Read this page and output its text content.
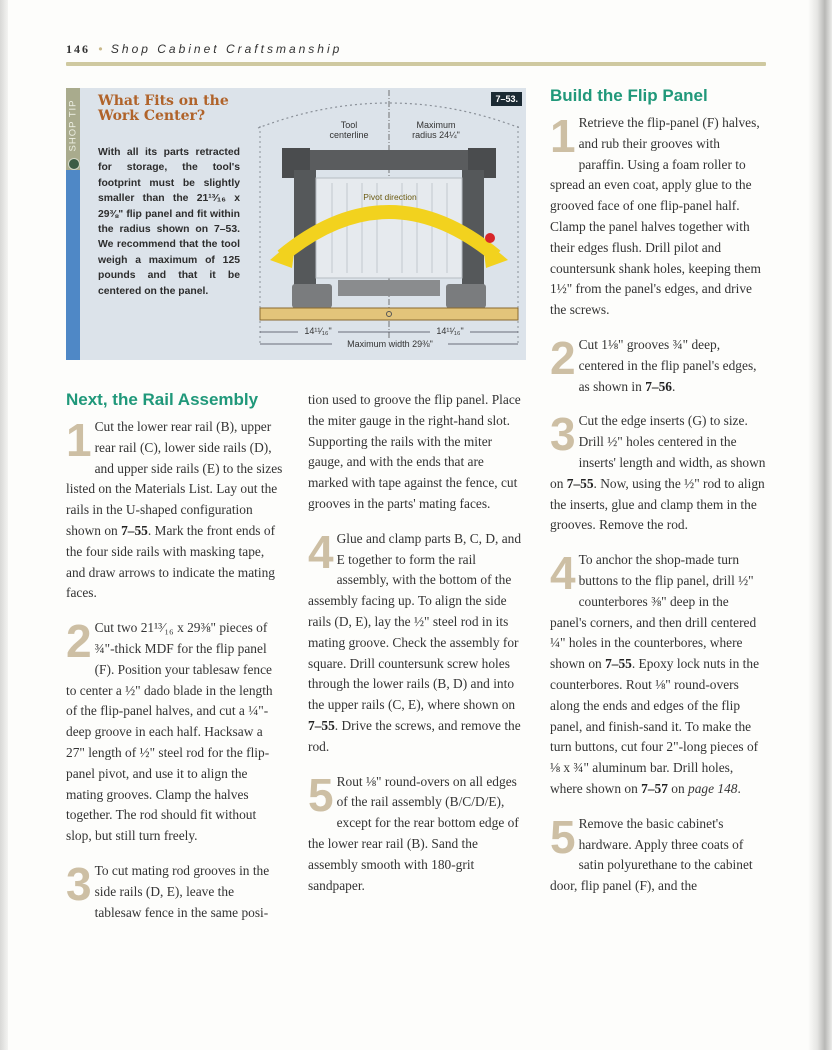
146 • Shop Cabinet Craftsmanship
SHOP TIP What Fits on the Work Center?
With all its parts retracted for storage, the tool's footprint must be slightly smaller than the 21¹³⁄₁₆ x 29⅜" flip panel and fit within the radius shown on 7–53. We recommend that the tool weigh a maximum of 125 pounds and that it be centered on the panel.
7–53.
Tool centerline
Maximum radius 24¼"
Pivot direction
14¹¹⁄₁₆"	14¹¹⁄₁₆"
Maximum width 29⅜"
Next, the Rail Assembly
1 Cut the lower rear rail (B), upper rear rail (C), lower side rails (D), and upper side rails (E) to the sizes listed on the Materials List. Lay out the rails in the U-shaped configuration shown on 7–55. Mark the front ends of the four side rails with masking tape, and draw arrows to indicate the mating faces.
2 Cut two 21¹³⁄₁₆ x 29⅜" pieces of ¾"-thick MDF for the flip panel (F). Position your tablesaw fence to center a ½" dado blade in the length of the flip-panel halves, and cut a ¼"-deep groove in each half. Hacksaw a 27" length of ½" steel rod for the flip-panel pivot, and use it to align the mating grooves. Clamp the halves together. The rod should fit without slop, but still turn freely.
3 To cut mating rod grooves in the side rails (D, E), leave the tablesaw fence in the same posi-
tion used to groove the flip panel. Place the miter gauge in the right-hand slot. Supporting the rails with the miter gauge, and with the ends that are marked with tape against the fence, cut grooves in the parts' mating faces.
4 Glue and clamp parts B, C, D, and E together to form the rail assembly, with the bottom of the assembly facing up. To align the side rails (D, E), lay the ½" steel rod in its mating groove. Check the assembly for square. Drill countersunk screw holes through the lower rails (B, D) and into the upper rails (C, E), where shown on 7–55. Drive the screws, and remove the rod.
5 Rout ⅛" round-overs on all edges of the rail assembly (B/C/D/E), except for the rear bottom edge of the lower rear rail (B). Sand the assembly smooth with 180-grit sandpaper.
Build the Flip Panel
1 Retrieve the flip-panel (F) halves, and rub their grooves with paraffin. Using a foam roller to spread an even coat, apply glue to the grooved face of one flip-panel half. Clamp the panel halves together with their edges flush. Drill pilot and countersunk shank holes, keeping them 1½" from the panel's edges, and drive the screws.
2 Cut 1⅛" grooves ¾" deep, centered in the flip panel's edges, as shown in 7–56.
3 Cut the edge inserts (G) to size. Drill ½" holes centered in the inserts' length and width, as shown on 7–55. Now, using the ½" rod to align the inserts, glue and clamp them in the grooves. Remove the rod.
4 To anchor the shop-made turn buttons to the flip panel, drill ½" counterbores ⅜" deep in the panel's corners, and then drill centered ¼" holes in the counterbores, where shown on 7–55. Epoxy lock nuts in the counterbores. Rout ⅛" round-overs along the ends and edges of the flip panel, and finish-sand it. To make the turn buttons, cut four 2"-long pieces of ⅛ x ¾" aluminum bar. Drill holes, where shown on 7–57 on page 148.
5 Remove the basic cabinet's hardware. Apply three coats of satin polyurethane to the cabinet door, flip panel (F), and the
